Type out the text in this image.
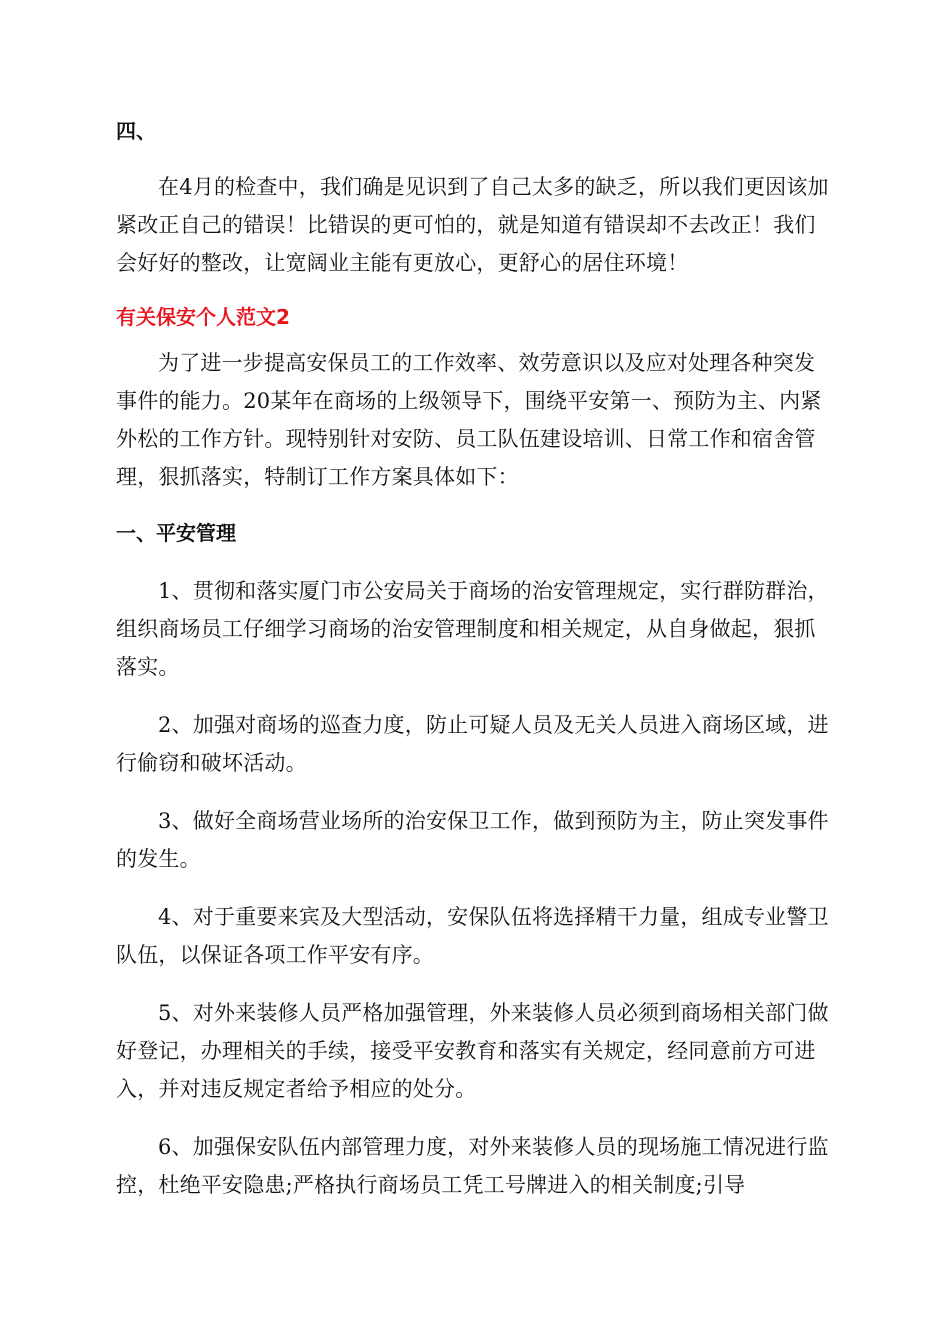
四、

在4月的检查中，我们确是见识到了自己太多的缺乏，所以我们更因该加紧改正自己的错误！比错误的更可怕的，就是知道有错误却不去改正！我们会好好的整改，让宽阔业主能有更放心，更舒心的居住环境！

有关保安个人范文2

为了进一步提高安保员工的工作效率、效劳意识以及应对处理各种突发事件的能力。20某年在商场的上级领导下，围绕平安第一、预防为主、内紧外松的工作方针。现特别针对安防、员工队伍建设培训、日常工作和宿舍管理，狠抓落实，特制订工作方案具体如下：

一、平安管理

1、贯彻和落实厦门市公安局关于商场的治安管理规定，实行群防群治，组织商场员工仔细学习商场的治安管理制度和相关规定，从自身做起，狠抓落实。

2、加强对商场的巡查力度，防止可疑人员及无关人员进入商场区域，进行偷窃和破坏活动。

3、做好全商场营业场所的治安保卫工作，做到预防为主，防止突发事件的发生。

4、对于重要来宾及大型活动，安保队伍将选择精干力量，组成专业警卫队伍，以保证各项工作平安有序。

5、对外来装修人员严格加强管理，外来装修人员必须到商场相关部门做好登记，办理相关的手续，接受平安教育和落实有关规定，经同意前方可进入，并对违反规定者给予相应的处分。

6、加强保安队伍内部管理力度，对外来装修人员的现场施工情况进行监控，杜绝平安隐患;严格执行商场员工凭工号牌进入的相关制度;引导
